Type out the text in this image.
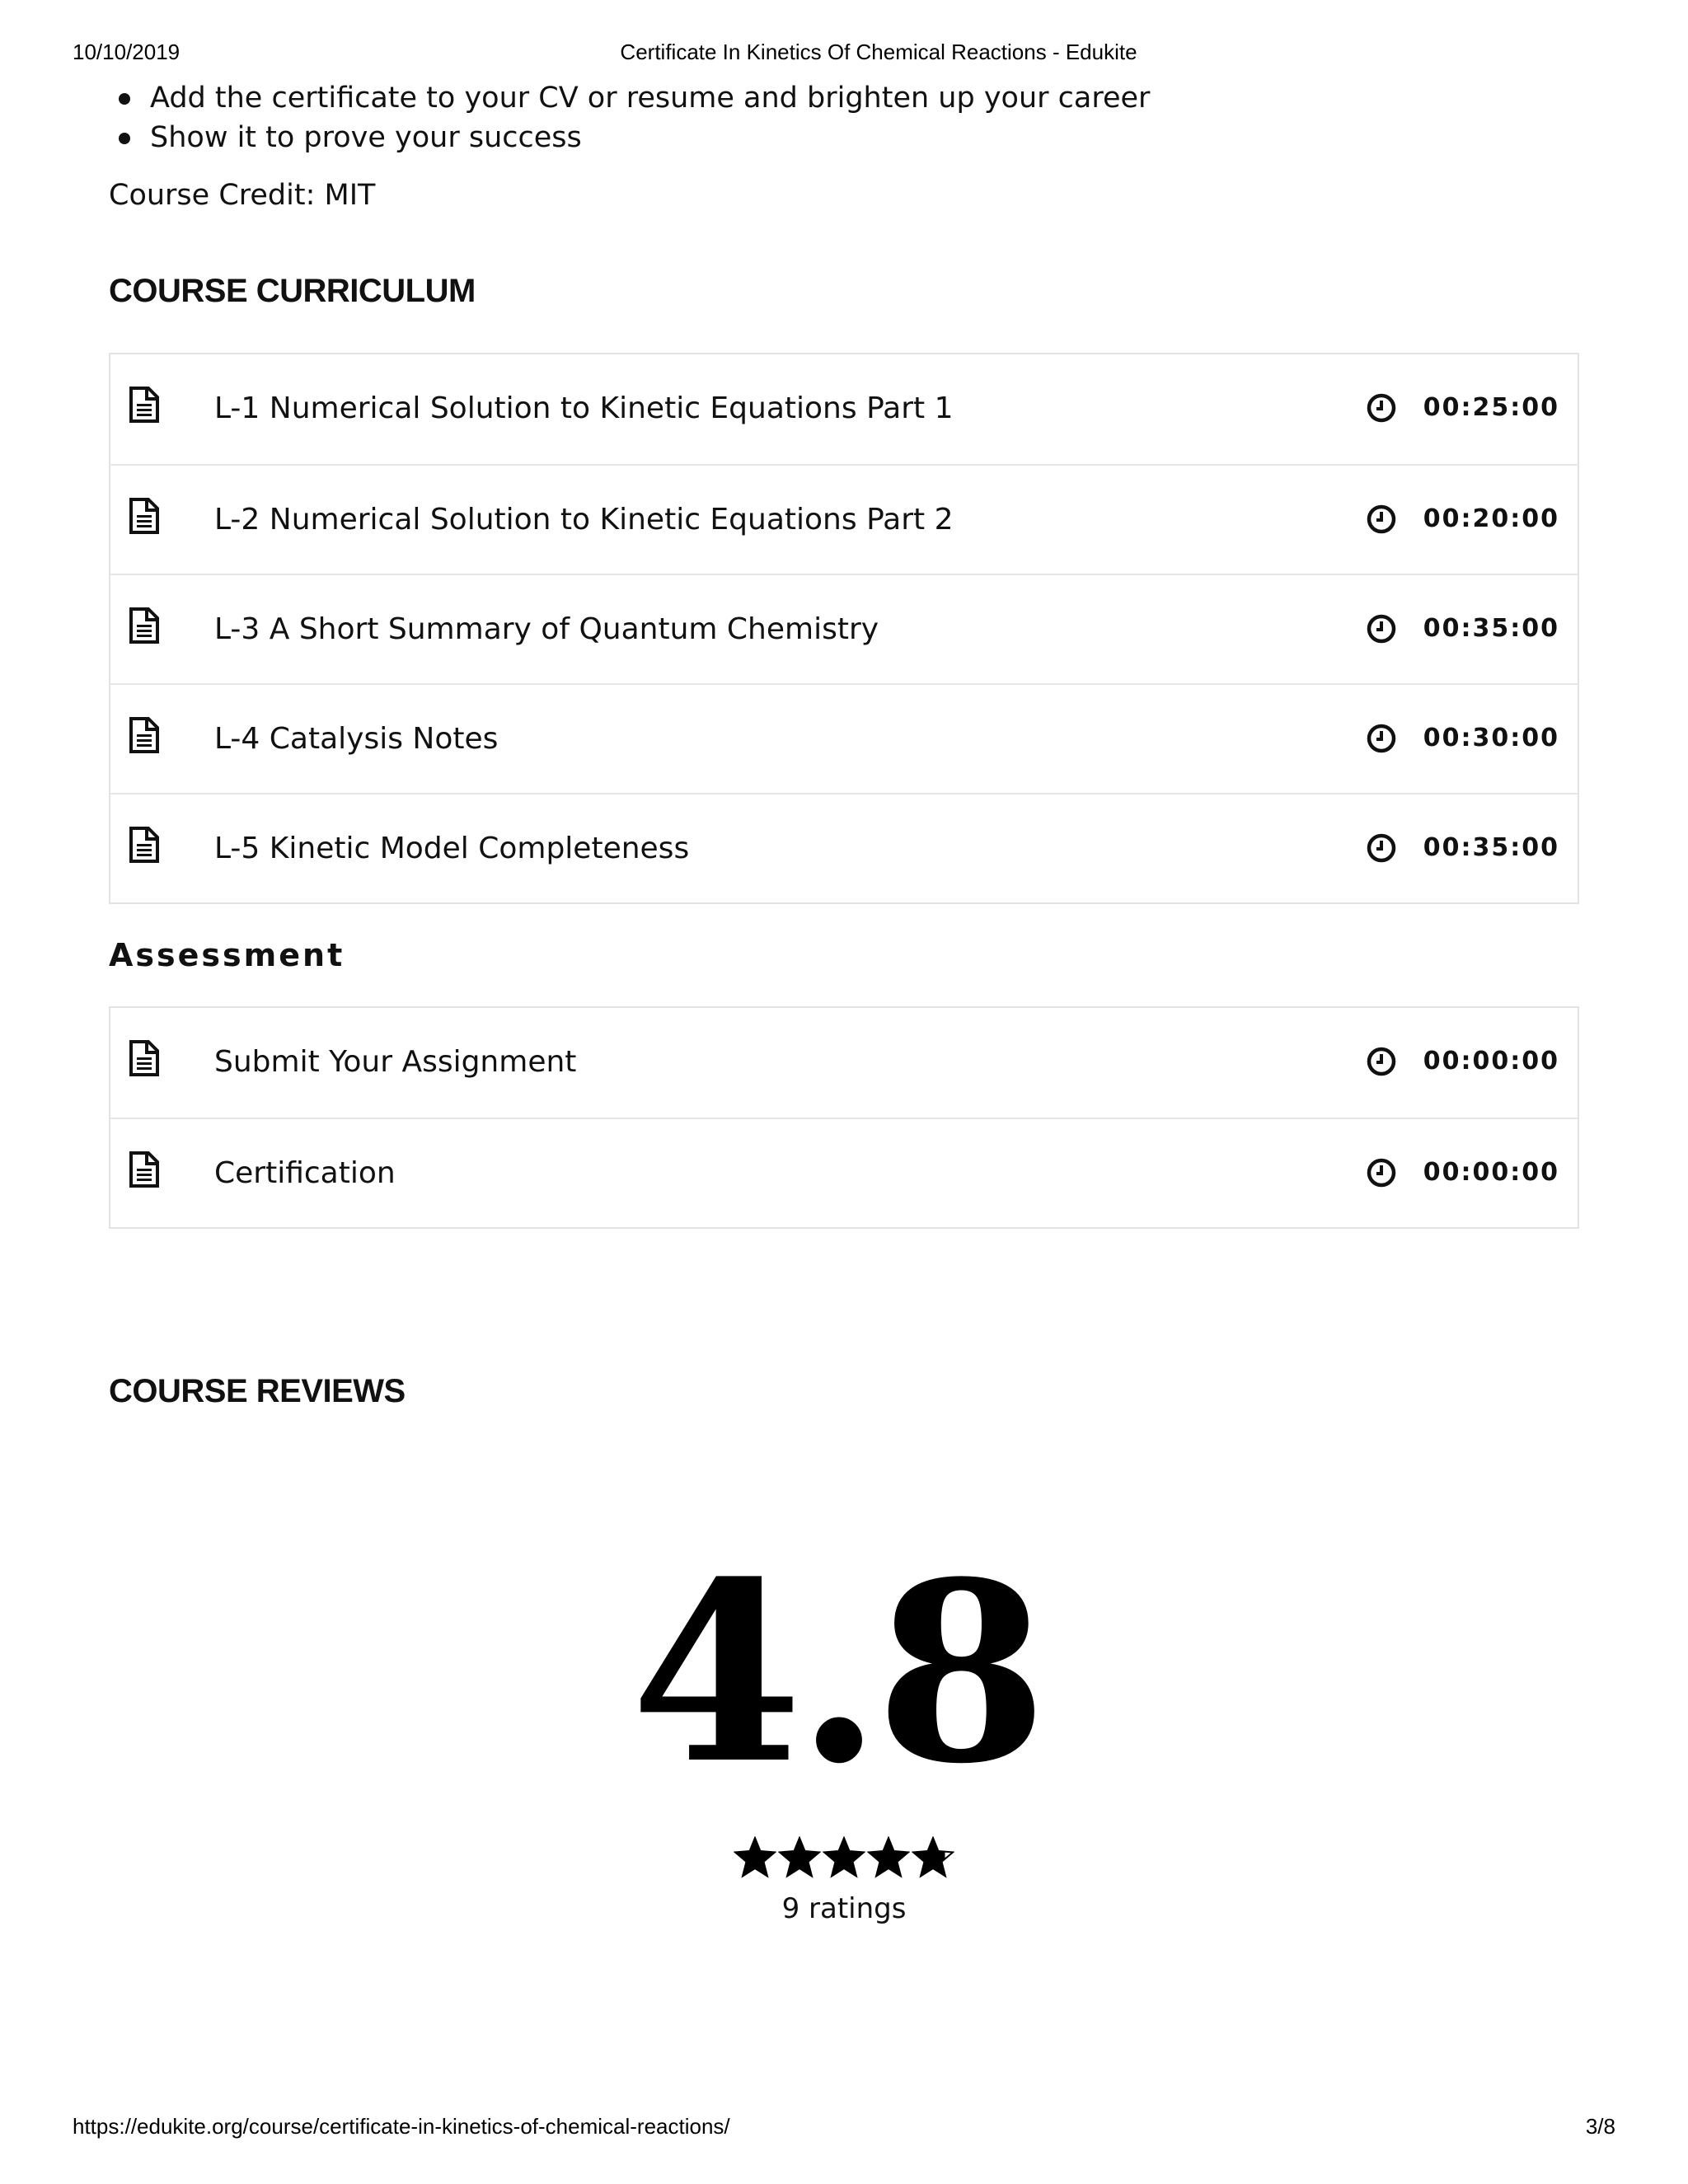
10/10/2019	Certificate In Kinetics Of Chemical Reactions - Edukite
Add the certificate to your CV or resume and brighten up your career
Show it to prove your success
Course Credit: MIT
COURSE CURRICULUM
L-1 Numerical Solution to Kinetic Equations Part 1	00:25:00
L-2 Numerical Solution to Kinetic Equations Part 2	00:20:00
L-3 A Short Summary of Quantum Chemistry	00:35:00
L-4 Catalysis Notes	00:30:00
L-5 Kinetic Model Completeness	00:35:00
Assessment
Submit Your Assignment	00:00:00
Certification	00:00:00
COURSE REVIEWS
4.8
9 ratings
https://edukite.org/course/certificate-in-kinetics-of-chemical-reactions/	3/8
